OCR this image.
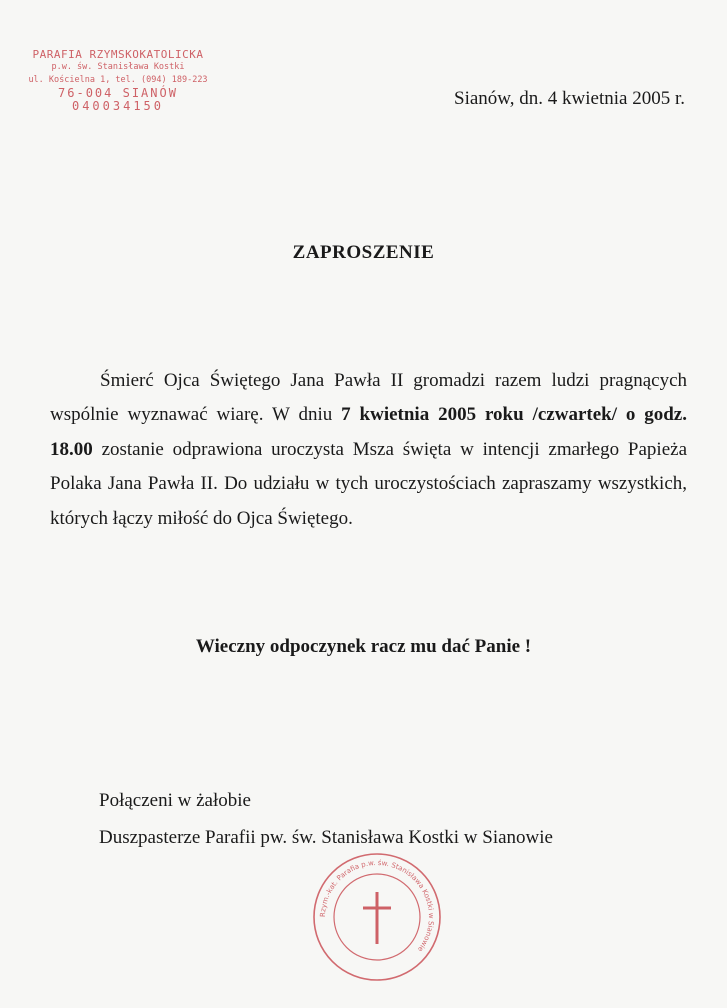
PARAFIA RZYMSKOKATOLICKA
p.w. św. Stanisława Kostki
ul. Kościelna 1, tel. (094) 189-223
76-004 SIANÓW
040034150	Sianów, dn. 4 kwietnia 2005 r.
ZAPROSZENIE
Śmierć Ojca Świętego Jana Pawła II gromadzi razem ludzi pragnących wspólnie wyznawać wiarę. W dniu 7 kwietnia 2005 roku /czwartek/ o godz. 18.00 zostanie odprawiona uroczysta Msza święta w intencji zmarłego Papieża Polaka Jana Pawła II. Do udziału w tych uroczystościach zapraszamy wszystkich, których łączy miłość do Ojca Świętego.
Wieczny odpoczynek racz mu dać Panie !
Połączeni w żałobie
Duszpasterze Parafii pw. św. Stanisława Kostki w Sianowie
Rzym.-kat. Parafia p.w. św. Stanisława Kostki w Sianowie
